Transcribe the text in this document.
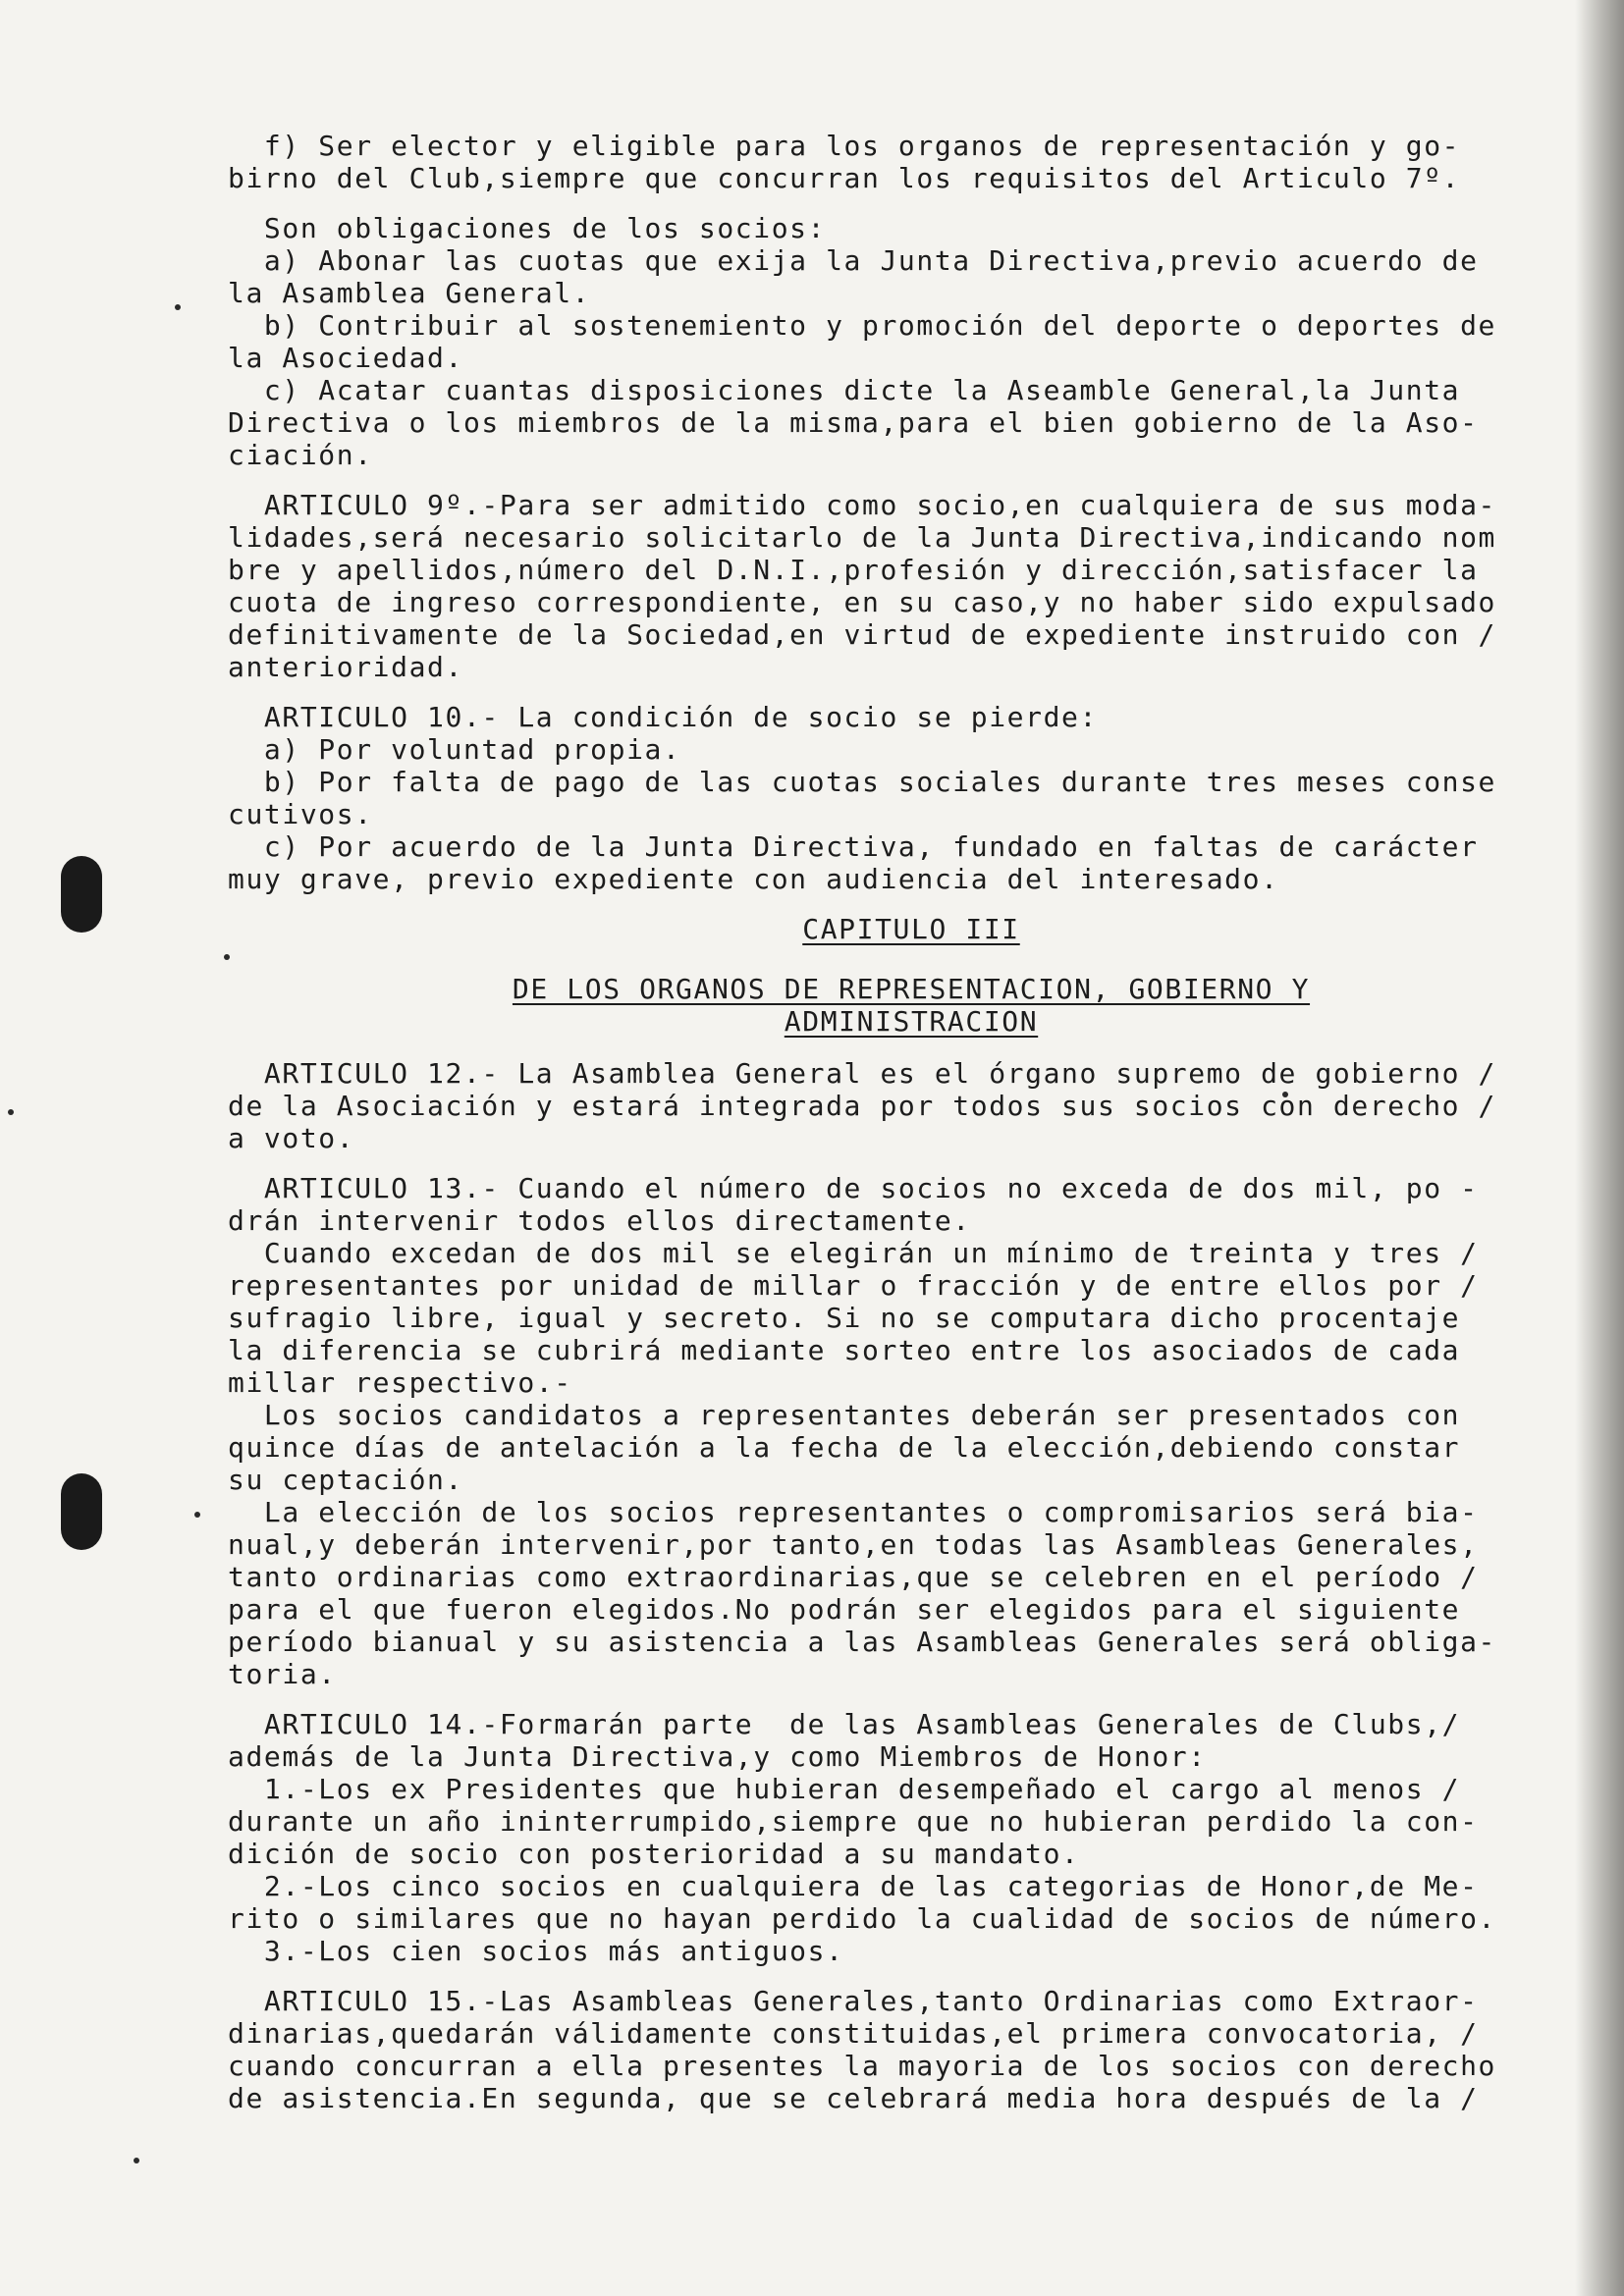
f) Ser elector y eligible para los organos de representación y go-

birno del Club,siempre que concurran los requisitos del Articulo 7º.

Son obligaciones de los socios:

a) Abonar las cuotas que exija la Junta Directiva,previo acuerdo de

la Asamblea General.

b) Contribuir al sostenemiento y promoción del deporte o deportes de

la Asociedad.

c) Acatar cuantas disposiciones dicte la Aseamble General,la Junta

Directiva o los miembros de la misma,para el bien gobierno de la Aso-

ciación.

ARTICULO 9º.-Para ser admitido como socio,en cualquiera de sus moda-

lidades,será necesario solicitarlo de la Junta Directiva,indicando nom

bre y apellidos,número del D.N.I.,profesión y dirección,satisfacer la

cuota de ingreso correspondiente, en su caso,y no haber sido expulsado

definitivamente de la Sociedad,en virtud de expediente instruido con /

anterioridad.

ARTICULO 10.- La condición de socio se pierde:

a) Por voluntad propia.

b) Por falta de pago de las cuotas sociales durante tres meses conse

cutivos.

c) Por acuerdo de la Junta Directiva, fundado en faltas de carácter

muy grave, previo expediente con audiencia del interesado.

CAPITULO III

DE LOS ORGANOS DE REPRESENTACION, GOBIERNO Y

ADMINISTRACION

ARTICULO 12.- La Asamblea General es el órgano supremo de gobierno /

de la Asociación y estará integrada por todos sus socios con derecho /

a voto.

ARTICULO 13.- Cuando el número de socios no exceda de dos mil, po -

drán intervenir todos ellos directamente.

Cuando excedan de dos mil se elegirán un mínimo de treinta y tres /

representantes por unidad de millar o fracción y de entre ellos por /

sufragio libre, igual y secreto. Si no se computara dicho procentaje

la diferencia se cubrirá mediante sorteo entre los asociados de cada

millar respectivo.-

Los socios candidatos a representantes deberán ser presentados con

quince días de antelación a la fecha de la elección,debiendo constar

su ceptación.

La elección de los socios representantes o compromisarios será bia-

nual,y deberán intervenir,por tanto,en todas las Asambleas Generales,

tanto ordinarias como extraordinarias,que se celebren en el período /

para el que fueron elegidos.No podrán ser elegidos para el siguiente

período bianual y su asistencia a las Asambleas Generales será obliga-

toria.

ARTICULO 14.-Formarán parte  de las Asambleas Generales de Clubs,/

además de la Junta Directiva,y como Miembros de Honor:

1.-Los ex Presidentes que hubieran desempeñado el cargo al menos /

durante un año ininterrumpido,siempre que no hubieran perdido la con-

dición de socio con posterioridad a su mandato.

2.-Los cinco socios en cualquiera de las categorias de Honor,de Me-

rito o similares que no hayan perdido la cualidad de socios de número.

3.-Los cien socios más antiguos.

ARTICULO 15.-Las Asambleas Generales,tanto Ordinarias como Extraor-

dinarias,quedarán válidamente constituidas,el primera convocatoria, /

cuando concurran a ella presentes la mayoria de los socios con derecho

de asistencia.En segunda, que se celebrará media hora después de la /
